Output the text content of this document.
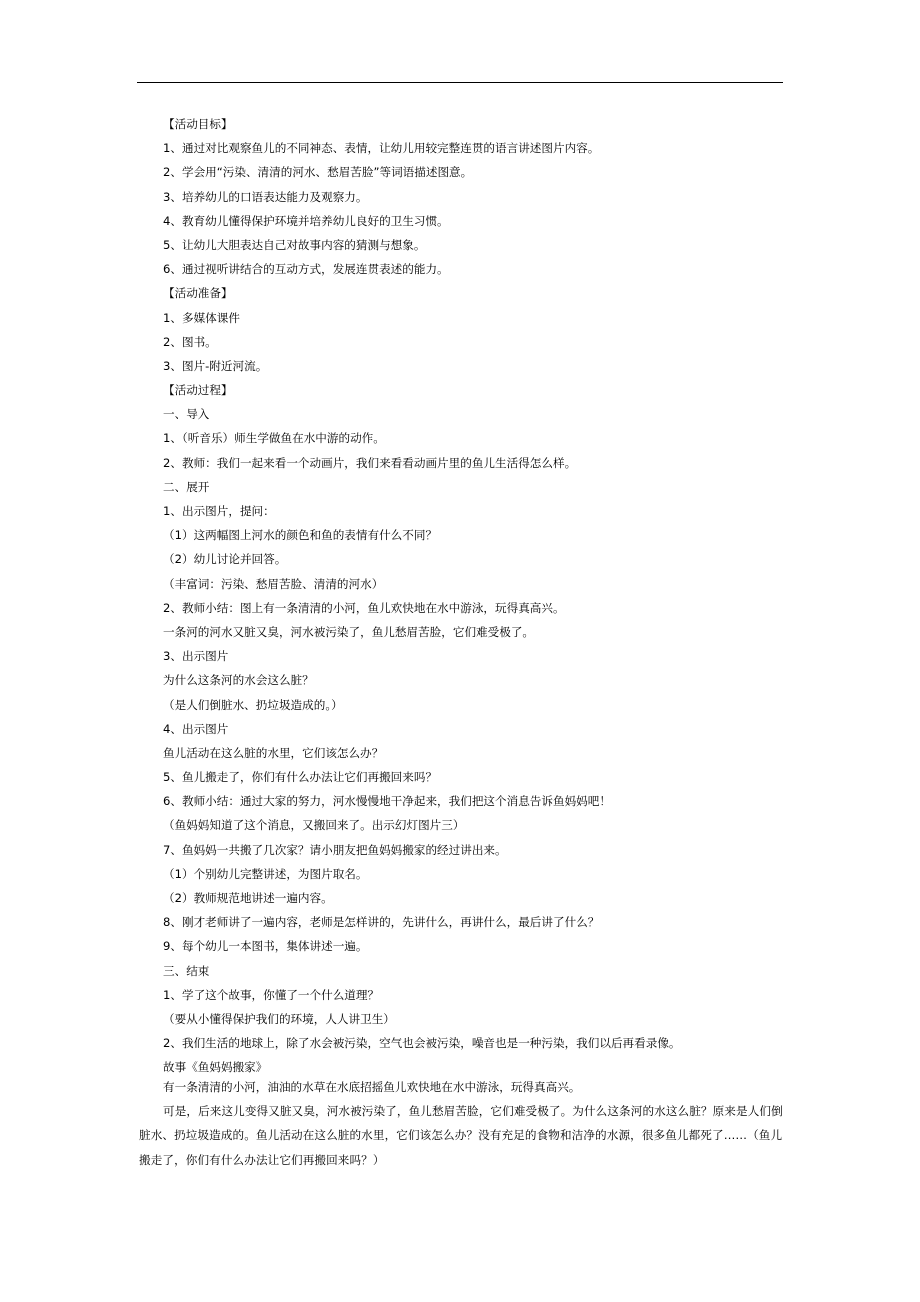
【活动目标】
1、通过对比观察鱼儿的不同神态、表情，让幼儿用较完整连贯的语言讲述图片内容。
2、学会用“污染、清清的河水、愁眉苦脸”等词语描述图意。
3、培养幼儿的口语表达能力及观察力。
4、教育幼儿懂得保护环境并培养幼儿良好的卫生习惯。
5、让幼儿大胆表达自己对故事内容的猜测与想象。
6、通过视听讲结合的互动方式，发展连贯表述的能力。
【活动准备】
1、多媒体课件
2、图书。
3、图片-附近河流。
【活动过程】
一、导入
1、（听音乐）师生学做鱼在水中游的动作。
2、教师：我们一起来看一个动画片，我们来看看动画片里的鱼儿生活得怎么样。
二、展开
1、出示图片，提问：
（1）这两幅图上河水的颜色和鱼的表情有什么不同？
（2）幼儿讨论并回答。
（丰富词：污染、愁眉苦脸、清清的河水）
2、教师小结：图上有一条清清的小河，鱼儿欢快地在水中游泳，玩得真高兴。
一条河的河水又脏又臭，河水被污染了，鱼儿愁眉苦脸，它们难受极了。
3、出示图片
为什么这条河的水会这么脏？
（是人们倒脏水、扔垃圾造成的。）
4、出示图片
鱼儿活动在这么脏的水里，它们该怎么办？
5、鱼儿搬走了，你们有什么办法让它们再搬回来吗？
6、教师小结：通过大家的努力，河水慢慢地干净起来，我们把这个消息告诉鱼妈妈吧！
（鱼妈妈知道了这个消息，又搬回来了。出示幻灯图片三）
7、鱼妈妈一共搬了几次家？请小朋友把鱼妈妈搬家的经过讲出来。
（1）个别幼儿完整讲述，为图片取名。
（2）教师规范地讲述一遍内容。
8、刚才老师讲了一遍内容，老师是怎样讲的，先讲什么，再讲什么，最后讲了什么？
9、每个幼儿一本图书，集体讲述一遍。
三、结束
1、学了这个故事，你懂了一个什么道理？
（要从小懂得保护我们的环境，人人讲卫生）
2、我们生活的地球上，除了水会被污染，空气也会被污染，噪音也是一种污染，我们以后再看录像。
故事《鱼妈妈搬家》
有一条清清的小河，油油的水草在水底招摇鱼儿欢快地在水中游泳，玩得真高兴。

可是，后来这儿变得又脏又臭，河水被污染了，鱼儿愁眉苦脸，它们难受极了。为什么这条河的水这么脏？原来是人们倒脏水、扔垃圾造成的。鱼儿活动在这么脏的水里，它们该怎么办？没有充足的食物和洁净的水源，很多鱼儿都死了……（鱼儿搬走了，你们有什么办法让它们再搬回来吗？）
